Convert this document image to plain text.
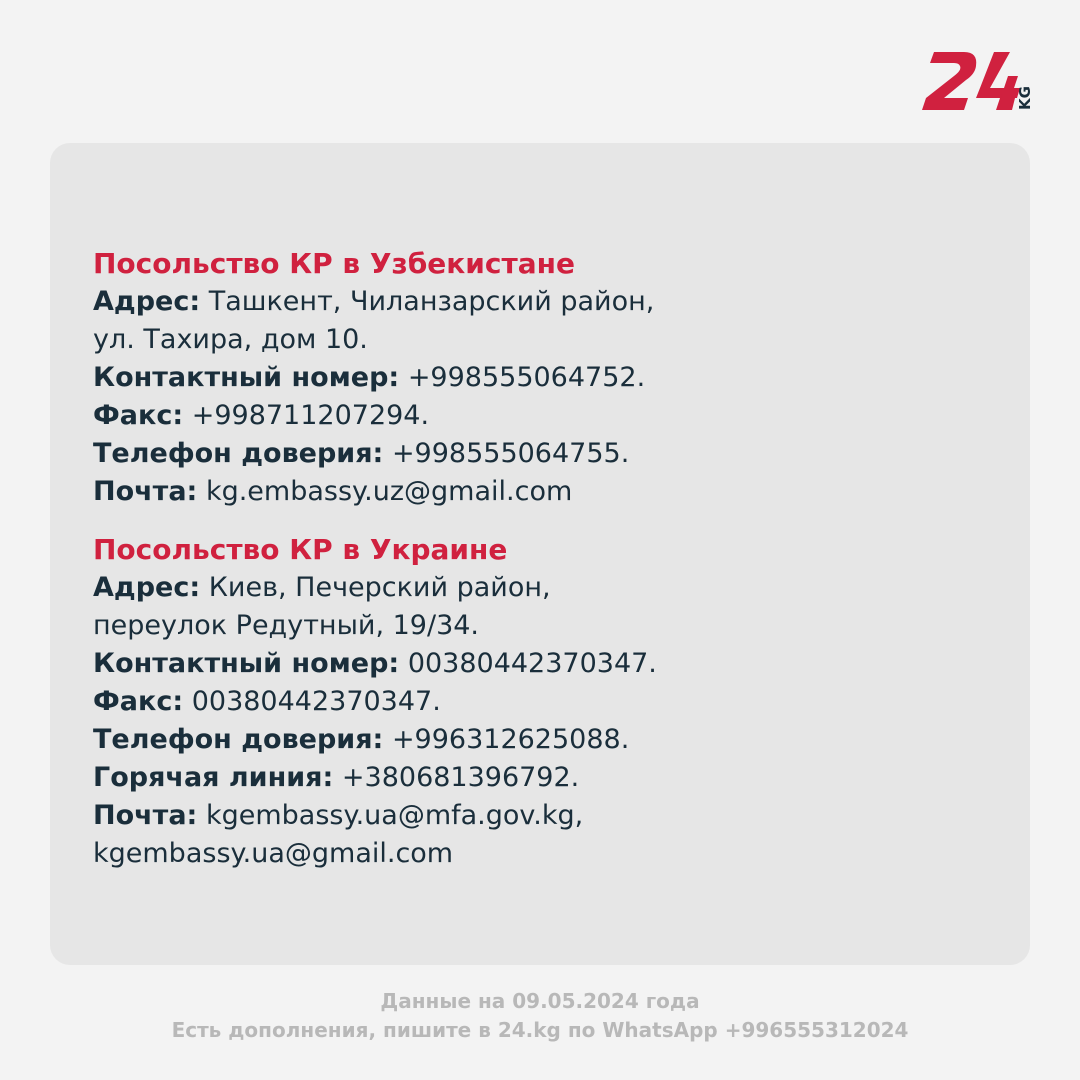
KG
Посольство КР в Узбекистане
Адрес: Ташкент, Чиланзарский район,
ул. Тахира, дом 10.
Контактный номер: +998555064752.
Факс: +998711207294.
Телефон доверия: +998555064755.
Почта: kg.embassy.uz@gmail.com
Посольство КР в Украине
Адрес: Киев, Печерский район,
переулок Редутный, 19/34.
Контактный номер: 00380442370347.
Факс: 00380442370347.
Телефон доверия: +996312625088.
Горячая линия: +380681396792.
Почта: kgembassy.ua@mfa.gov.kg,
kgembassy.ua@gmail.com
Данные на 09.05.2024 года
Есть дополнения, пишите в 24.kg по WhatsApp +996555312024
